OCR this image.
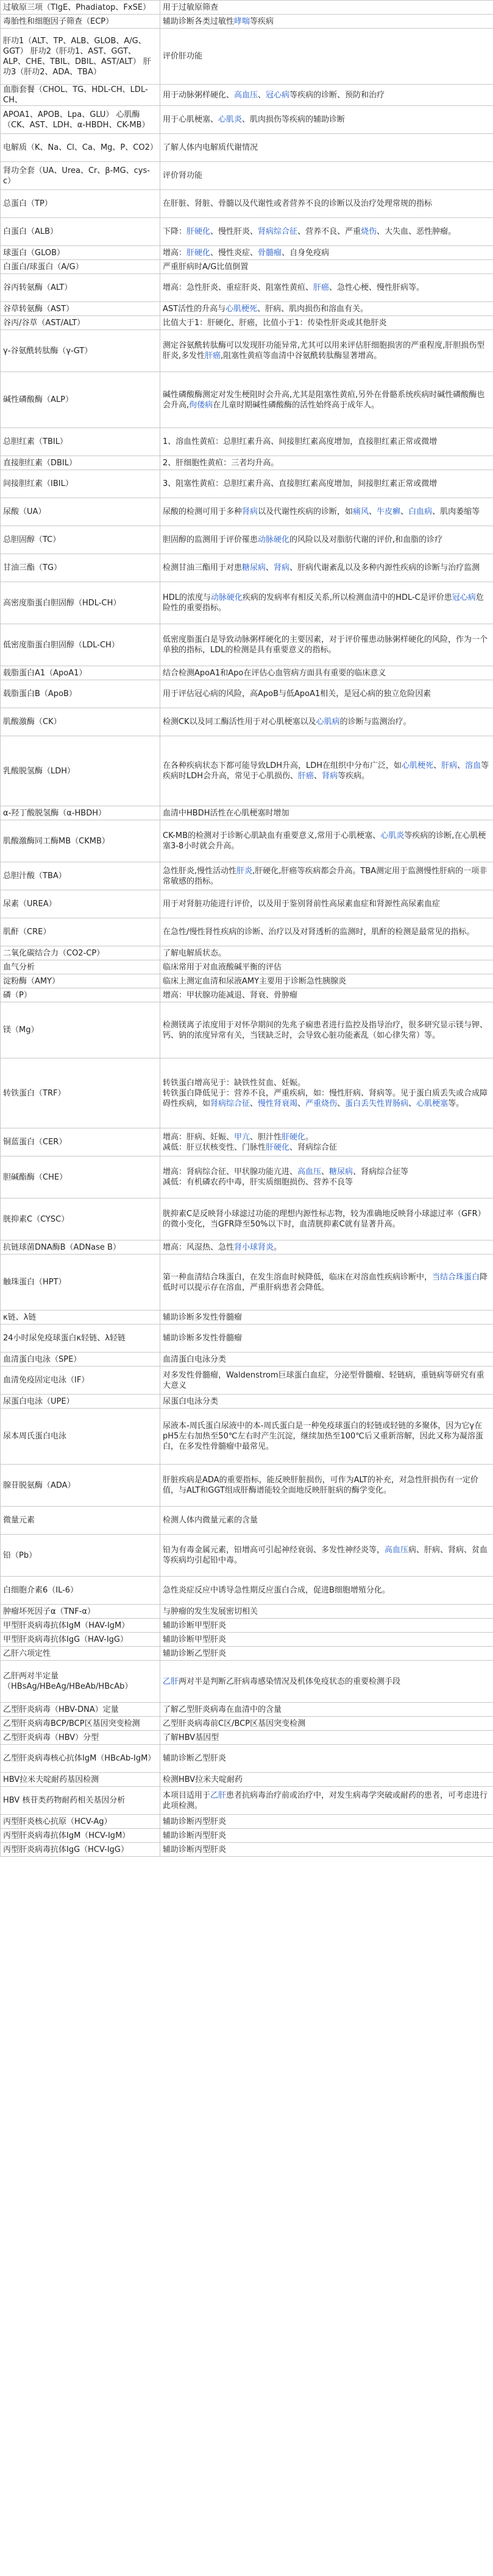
过敏原三项（TIgE、Phadiatop、FxSE）	用于过敏原筛查
毒胎性和细胞因子筛查（ECP）	辅助诊断各类过敏性哮喘等疾病
肝功1（ALT、TP、ALB、GLOB、A/G、GGT） 肝功2（肝功1、AST、GGT、ALP、CHE、TBIL、DBIL、AST/ALT） 肝功3（肝功2、ADA、TBA）	评价肝功能
血脂套餐（CHOL、TG、HDL-CH、LDL-CH、	用于动脉粥样硬化、高血压、冠心病等疾病的诊断、预防和治疗
APOA1、APOB、Lpa、GLU） 心肌酶（CK、AST、LDH、α-HBDH、CK-MB）	用于心肌梗塞、心肌炎、肌肉损伤等疾病的辅助诊断
电解质（K、Na、Cl、Ca、Mg、P、CO2）	了解人体内电解质代谢情况
肾功全套（UA、Urea、Cr、β-MG、cys-c）	评价肾功能
总蛋白（TP）	在肝脏、肾脏、骨髓以及代谢性或者营养不良的诊断以及治疗处理常规的指标
白蛋白（ALB）	下降：肝硬化、慢性肝炎、肾病综合征、营养不良、严重烧伤、大失血、恶性肿瘤。
球蛋白（GLOB）	增高：肝硬化、慢性炎症、骨髓瘤、自身免疫病
白蛋白/球蛋白（A/G）	严重肝病时A/G比值倒置
谷丙转氨酶（ALT）	增高：急性肝炎、重症肝炎、阻塞性黄疸、肝癌、急性心梗、慢性肝病等。
谷草转氨酶（AST）	AST活性的升高与心肌梗死、肝病、肌肉损伤和溶血有关。
谷丙/谷草（AST/ALT）	比值大于1：肝硬化、肝癌，比值小于1：传染性肝炎或其他肝炎
γ-谷氨酰转肽酶（γ-GT）	测定谷氨酰转肽酶可以发现肝功能异常,尤其可以用来评估肝细胞损害的严重程度,肝胆损伤型肝炎,多发性肝癌,阻塞性黄疸等血清中谷氨酰转肽酶显著增高。
碱性磷酸酶（ALP）	碱性磷酸酶测定对发生梗阻时会升高,尤其是阻塞性黄疸,另外在骨骼系统疾病时碱性磷酸酶也会升高,佝偻病在儿童时期碱性磷酸酶的活性始终高于成年人。
总胆红素（TBIL）	1、溶血性黄疸：总胆红素升高、间接胆红素高度增加，直接胆红素正常或微增
直接胆红素（DBIL）	2、肝细胞性黄疸：三者均升高。
间接胆红素（IBIL）	3、阻塞性黄疸：总胆红素升高、直接胆红素高度增加，间接胆红素正常或微增
尿酸（UA）	尿酸的检测可用于多种肾病以及代谢性疾病的诊断，如痛风、牛皮癣、白血病、肌肉萎缩等
总胆固醇（TC）	胆固醇的监测用于评价罹患动脉硬化的风险以及对脂肪代谢的评价,和血脂的诊疗
甘油三酯（TG）	检测甘油三酯用于对患糖尿病、肾病、肝病代谢紊乱以及多种内源性疾病的诊断与治疗监测
高密度脂蛋白胆固醇（HDL-CH）	HDL的浓度与动脉硬化疾病的发病率有相反关系,所以检测血清中的HDL-C是评价患冠心病危险性的重要指标。
低密度脂蛋白胆固醇（LDL-CH）	低密度脂蛋白是导致动脉粥样硬化的主要因素，对于评价罹患动脉粥样硬化的风险，作为一个单独的指标，LDL的检测是具有重要意义的指标。
载脂蛋白A1（ApoA1）	结合检测ApoA1和Apo在评估心血管病方面具有重要的临床意义
载脂蛋白B（ApoB）	用于评估冠心病的风险，高ApoB与低ApoA1相关，是冠心病的独立危险因素
肌酸激酶（CK）	检测CK以及同工酶活性用于对心肌梗塞以及心肌病的诊断与监测治疗。
乳酸脱氢酶（LDH）	在各种疾病状态下都可能导致LDH升高，LDH在组织中分布广泛，如心肌梗死、肝病、溶血等疾病时LDH会升高，常见于心肌损伤、肝癌、肾病等疾病。
α-羟丁酸脱氢酶（α-HBDH）	血清中HBDH活性在心肌梗塞时增加
肌酸激酶同工酶MB（CKMB）	CK-MB的检测对于诊断心肌缺血有重要意义,常用于心肌梗塞、心肌炎等疾病的诊断,在心肌梗塞3-8小时就会升高。
总胆汁酸（TBA）	急性肝炎,慢性活动性肝炎,肝硬化,肝癌等疾病都会升高。TBA测定用于监测慢性肝病的一项非常敏感的指标。
尿素（UREA）	用于对肾脏功能进行评价，以及用于鉴别肾前性高尿素血症和肾源性高尿素血症
肌酐（CRE）	在急性/慢性肾性疾病的诊断、治疗以及对肾透析的监测时，肌酐的检测是最常见的指标。
二氧化碳结合力（CO2-CP）	了解电解质状态。
血气分析	临床常用于对血液酸碱平衡的评估
淀粉酶（AMY）	临床上测定血清和尿液AMY主要用于诊断急性胰腺炎
磷（P）	增高：甲状腺功能减退、肾衰、骨肿瘤
镁（Mg）	检测镁离子浓度用于对怀孕期间的先兆子痫患者进行监控及指导治疗，很多研究显示镁与钾、钙、钠的浓度异常有关，当镁缺乏时，会导致心脏功能紊乱（如心律失常）等。
转铁蛋白（TRF）	转铁蛋白增高见于：缺铁性贫血、妊娠。
转铁蛋白降低见于：营养不良，严重疾病，如：慢性肝病、肾病等。见于蛋白质丢失或合成障碍性疾病，如肾病综合征、慢性肾衰竭、严重烧伤、蛋白丢失性胃肠病、心肌梗塞等。
铜蓝蛋白（CER）	增高：肝病、妊娠、甲亢、胆汁性肝硬化。
减低：肝豆状核变性、门脉性肝硬化、肾病综合征
胆碱酯酶（CHE）	增高：肾病综合征、甲状腺功能亢进、高血压、糖尿病、肾病综合征等
减低：有机磷农药中毒，肝实质细胞损伤、营养不良等
胱抑素C（CYSC）	胱抑素C是反映肾小球滤过功能的理想内源性标志物，较为准确地反映肾小球滤过率（GFR）的微小变化，当GFR降至50%以下时，血清胱抑素C就有显著升高。
抗链球菌DNA酶B（ADNase B）	增高：风湿热、急性肾小球肾炎。
触珠蛋白（HPT）	第一种血清结合珠蛋白，在发生溶血时候降低，临床在对溶血性疾病诊断中，当结合珠蛋白降低时可以提示存在溶血，严重肝病患者会降低。
κ链、λ链	辅助诊断多发性骨髓瘤
24小时尿免疫球蛋白κ轻链、λ轻链	辅助诊断多发性骨髓瘤
血清蛋白电泳（SPE）	血清蛋白电泳分类
血清免疫固定电泳（IF）	对多发性骨髓瘤，Waldenstrom巨球蛋白血症，分泌型骨髓瘤、轻链病，重链病等研究有重大意义
尿蛋白电泳（UPE）	尿蛋白电泳分类
尿本周氏蛋白电泳	尿液本-周氏蛋白尿液中的本-周氏蛋白是一种免疫球蛋白的轻链或轻链的多聚体，因为它γ在pH5左右加热至50℃左右时产生沉淀，继续加热至100℃后又重新溶解，因此又称为凝溶蛋白，在多发性骨髓瘤中最常见。
腺苷脱氨酶（ADA）	肝脏疾病是ADA的重要指标，能反映肝脏损伤，可作为ALT的补充，对急性肝损伤有一定价值，与ALT和GGT组成肝酶谱能较全面地反映肝脏病的酶学变化。
微量元素	检测人体内微量元素的含量
铅（Pb）	铅为有毒金属元素，铅增高可引起神经衰弱、多发性神经炎等，高血压病、肝病、肾病、贫血等疾病均引起铅中毒。
白细胞介素6（IL-6）	急性炎症反应中诱导急性期反应蛋白合成，促进B细胞增殖分化。
肿瘤坏死因子α（TNF-α）	与肿瘤的发生发展密切相关
甲型肝炎病毒抗体IgM（HAV-IgM）	辅助诊断甲型肝炎
甲型肝炎病毒抗体IgG（HAV-IgG）	辅助诊断甲型肝炎
乙肝六项定性	辅助诊断乙型肝炎
乙肝两对半定量（HBsAg/HBeAg/HBeAb/HBcAb）	乙肝两对半是判断乙肝病毒感染情况及机体免疫状态的重要检测手段
乙型肝炎病毒（HBV-DNA）定量	了解乙型肝炎病毒在血清中的含量
乙型肝炎病毒BCP/BCP区基因突变检测	乙型肝炎病毒前C区/BCP区基因突变检测
乙型肝炎病毒（HBV）分型	了解HBV基因型
乙型肝炎病毒核心抗体IgM（HBcAb-IgM）	辅助诊断乙型肝炎
HBV拉米夫啶耐药基因检测	检测HBV拉米夫啶耐药
HBV 核苷类药物耐药相关基因分析	本项目适用于乙肝患者抗病毒治疗前或治疗中，对发生病毒学突破或耐药的患者，可考虑进行此项检测。
丙型肝炎核心抗原（HCV-Ag）	辅助诊断丙型肝炎
丙型肝炎病毒抗体IgM（HCV-IgM）	辅助诊断丙型肝炎
丙型肝炎病毒抗体IgG（HCV-IgG）	辅助诊断丙型肝炎
